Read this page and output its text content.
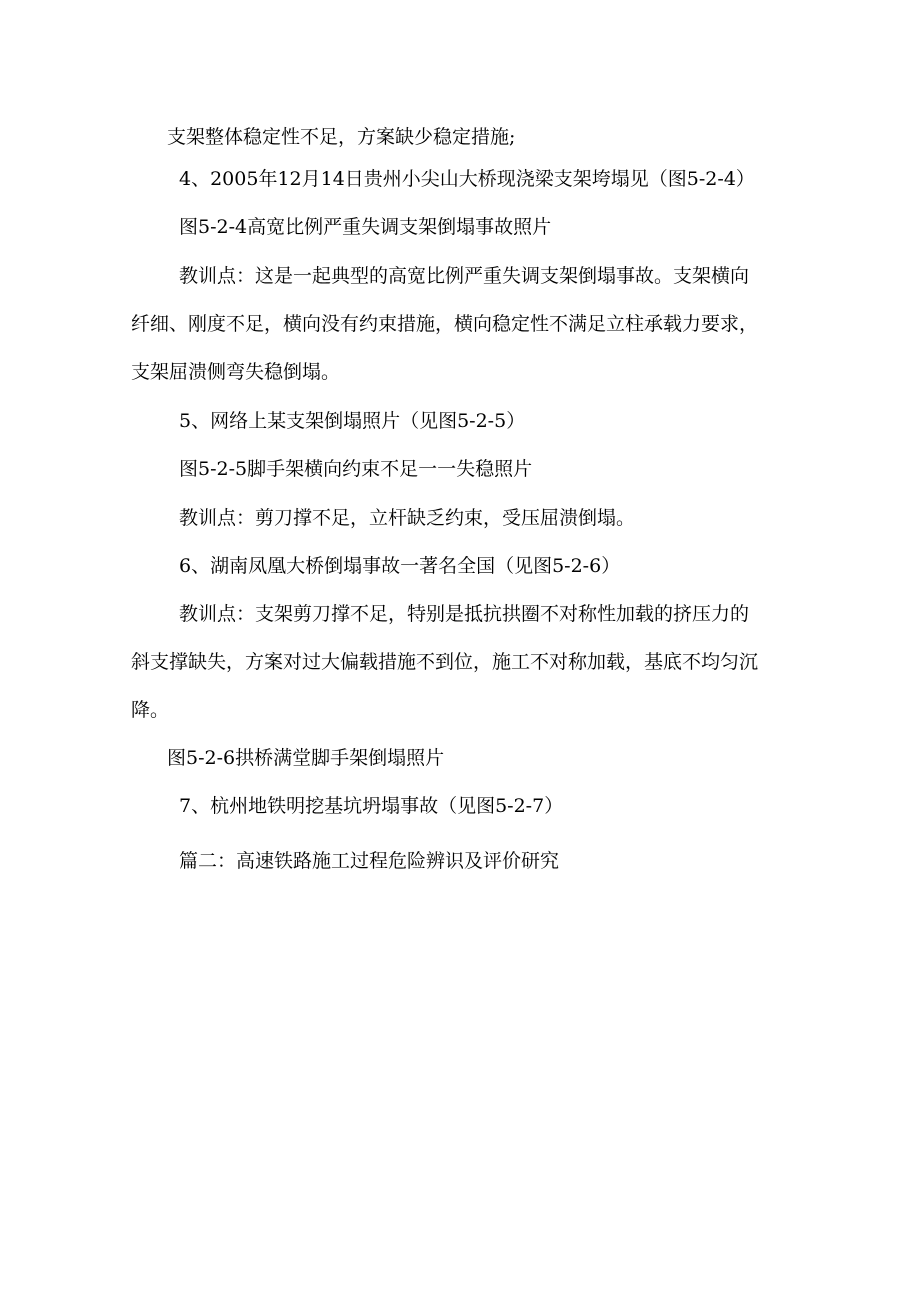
支架整体稳定性不足，方案缺少稳定措施;

4、2005年12月14日贵州小尖山大桥现浇梁支架垮塌见（图5-2-4）

图5-2-4高宽比例严重失调支架倒塌事故照片

教训点：这是一起典型的高宽比例严重失调支架倒塌事故。支架横向
纤细、刚度不足，横向没有约束措施，横向稳定性不满足立柱承载力要求，
支架屈溃侧弯失稳倒塌。

5、网络上某支架倒塌照片（见图5-2-5）

图5-2-5脚手架横向约束不足一一失稳照片

教训点：剪刀撑不足，立杆缺乏约束，受压屈溃倒塌。

6、湖南凤凰大桥倒塌事故一著名全国（见图5-2-6）

教训点：支架剪刀撑不足，特别是抵抗拱圈不对称性加载的挤压力的
斜支撑缺失，方案对过大偏载措施不到位，施工不对称加载，基底不均匀沉
降。

图5-2-6拱桥满堂脚手架倒塌照片

7、杭州地铁明挖基坑坍塌事故（见图5-2-7）

篇二：高速铁路施工过程危险辨识及评价研究
